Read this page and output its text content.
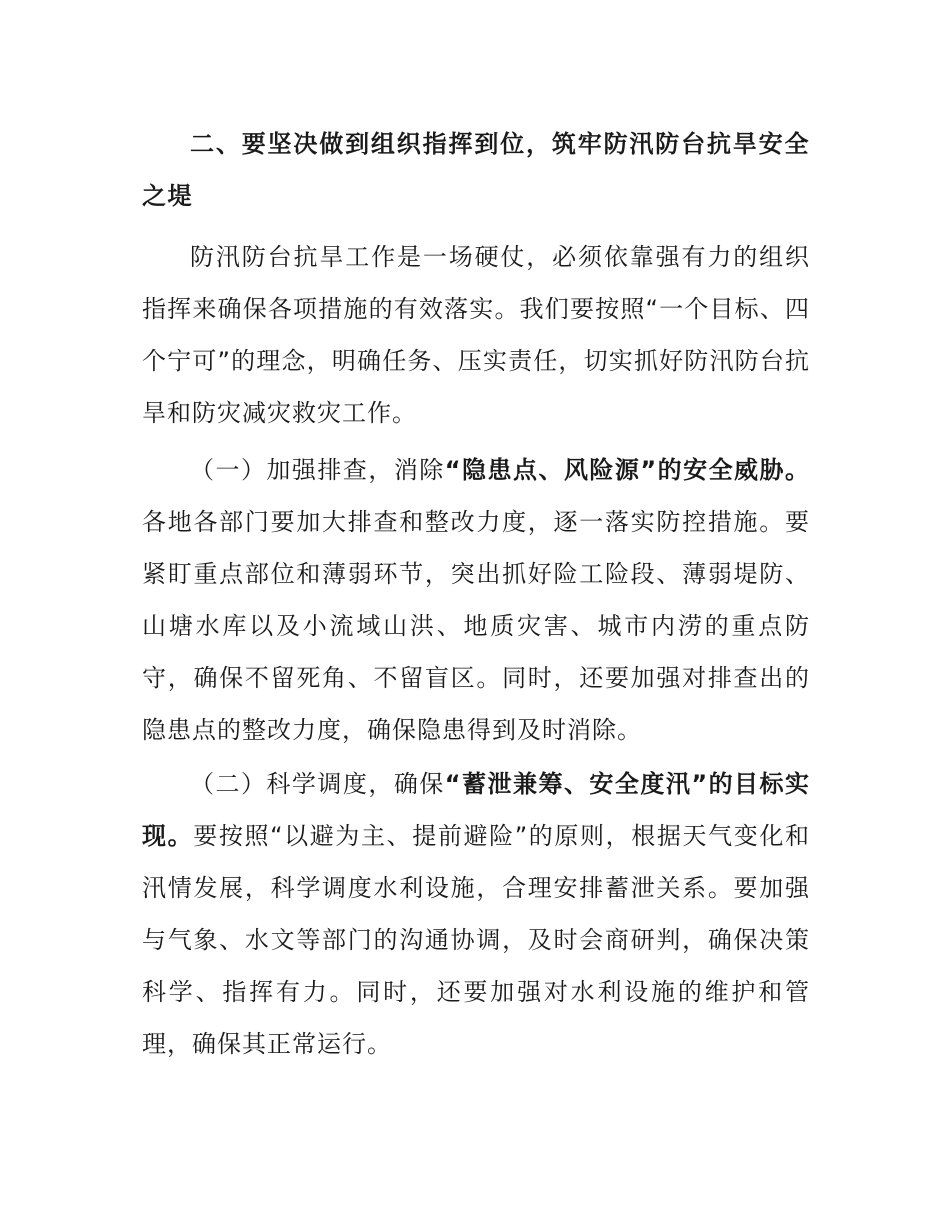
二、要坚决做到组织指挥到位，筑牢防汛防台抗旱安全之堤

防汛防台抗旱工作是一场硬仗，必须依靠强有力的组织指挥来确保各项措施的有效落实。我们要按照“一个目标、四个宁可”的理念，明确任务、压实责任，切实抓好防汛防台抗旱和防灾减灾救灾工作。

（一）加强排查，消除“隐患点、风险源”的安全威胁。各地各部门要加大排查和整改力度，逐一落实防控措施。要紧盯重点部位和薄弱环节，突出抓好险工险段、薄弱堤防、山塘水库以及小流域山洪、地质灾害、城市内涝的重点防守，确保不留死角、不留盲区。同时，还要加强对排查出的隐患点的整改力度，确保隐患得到及时消除。

（二）科学调度，确保“蓄泄兼筹、安全度汛”的目标实现。要按照“以避为主、提前避险”的原则，根据天气变化和汛情发展，科学调度水利设施，合理安排蓄泄关系。要加强与气象、水文等部门的沟通协调，及时会商研判，确保决策科学、指挥有力。同时，还要加强对水利设施的维护和管理，确保其正常运行。
